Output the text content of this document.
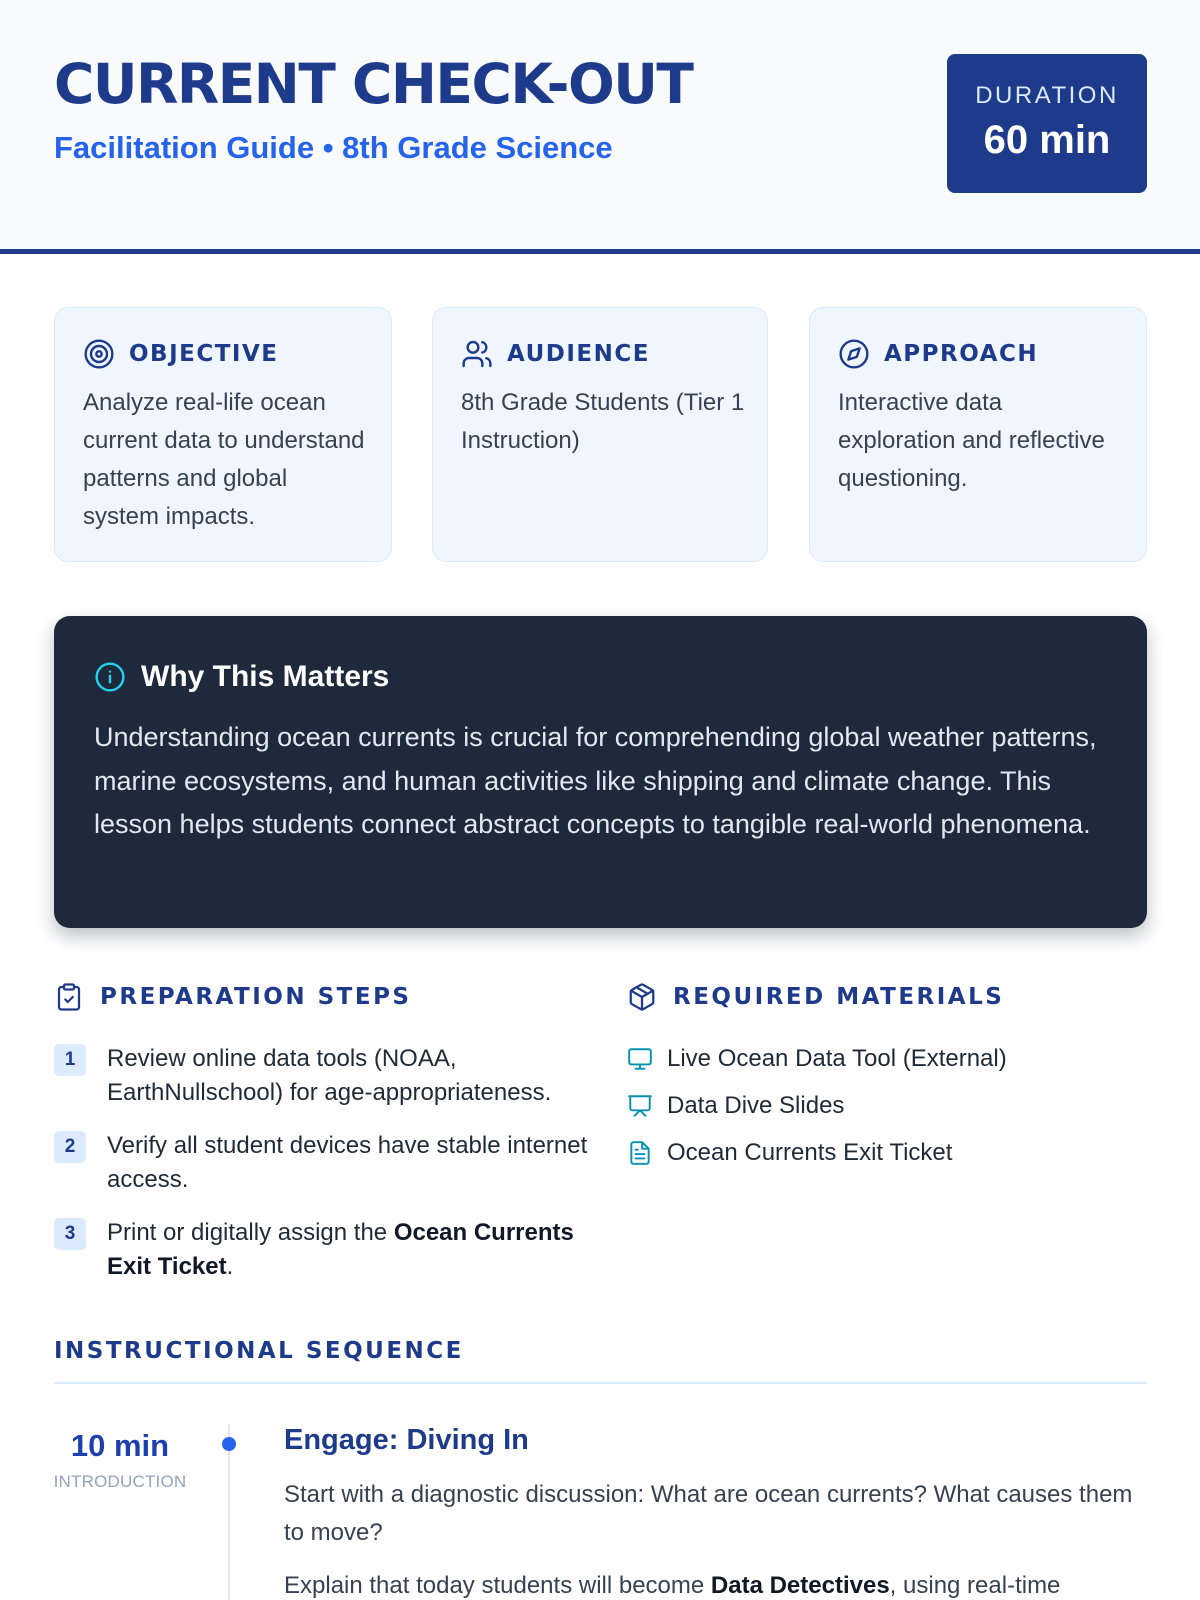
CURRENT CHECK-OUT
Facilitation Guide • 8th Grade Science
DURATION
60 min
OBJECTIVE
Analyze real-life ocean current data to understand patterns and global system impacts.
AUDIENCE
8th Grade Students (Tier 1 Instruction)
APPROACH
Interactive data exploration and reflective questioning.
Why This Matters
Understanding ocean currents is crucial for comprehending global weather patterns, marine ecosystems, and human activities like shipping and climate change. This lesson helps students connect abstract concepts to tangible real-world phenomena.
PREPARATION STEPS
1	Review online data tools (NOAA, EarthNullschool) for age-appropriateness.
2	Verify all student devices have stable internet access.
3	Print or digitally assign the Ocean Currents Exit Ticket.
REQUIRED MATERIALS
Live Ocean Data Tool (External)
Data Dive Slides
Ocean Currents Exit Ticket
INSTRUCTIONAL SEQUENCE
10 min
INTRODUCTION
Engage: Diving In
Start with a diagnostic discussion: What are ocean currents? What causes them to move?
Explain that today students will become Data Detectives, using real-time
